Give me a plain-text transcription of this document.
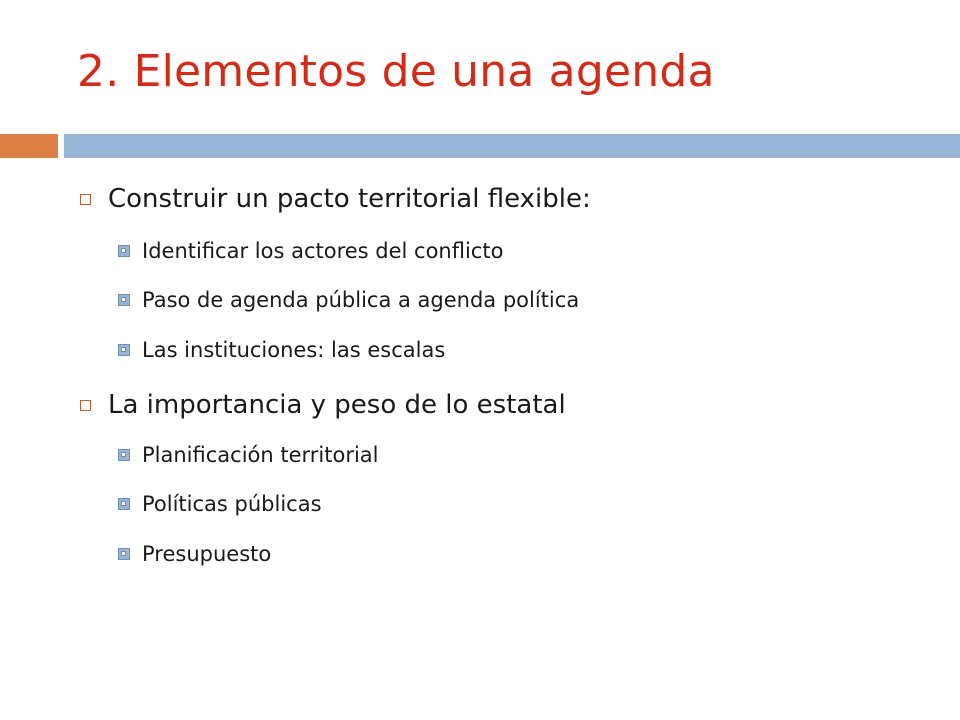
2. Elementos de una agenda
Construir un pacto territorial flexible:
Identificar los actores del conflicto
Paso de agenda pública a agenda política
Las instituciones: las escalas
La importancia y peso de lo estatal
Planificación territorial
Políticas públicas
Presupuesto
